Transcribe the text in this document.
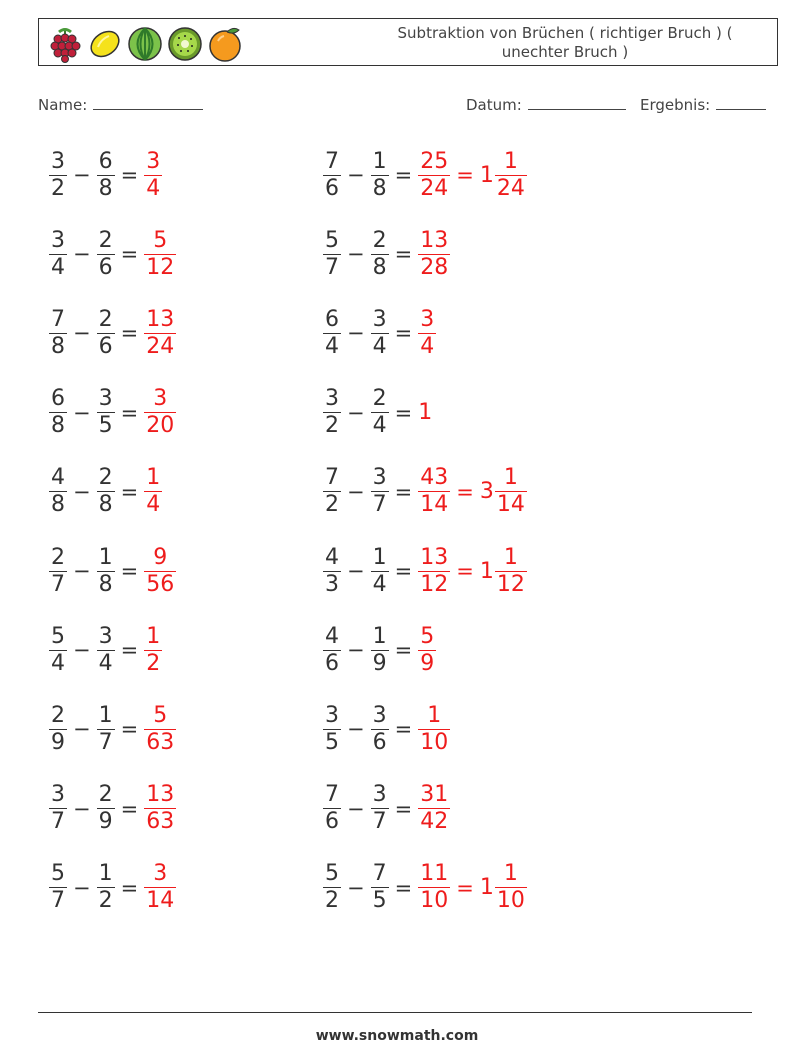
Subtraktion von Brüchen ( richtiger Bruch ) ( unechter Bruch )
Name:	Datum:	Ergebnis:
$\frac{3}{2} - \frac{6}{8} = \frac{3}{4}$
$\frac{3}{4} - \frac{2}{6} = \frac{5}{12}$
$\frac{7}{8} - \frac{2}{6} = \frac{13}{24}$
$\frac{6}{8} - \frac{3}{5} = \frac{3}{20}$
$\frac{4}{8} - \frac{2}{8} = \frac{1}{4}$
$\frac{2}{7} - \frac{1}{8} = \frac{9}{56}$
$\frac{5}{4} - \frac{3}{4} = \frac{1}{2}$
$\frac{2}{9} - \frac{1}{7} = \frac{5}{63}$
$\frac{3}{7} - \frac{2}{9} = \frac{13}{63}$
$\frac{5}{7} - \frac{1}{2} = \frac{3}{14}$
$\frac{7}{6} - \frac{1}{8} = \frac{25}{24} = 1 \frac{1}{24}$
$\frac{5}{7} - \frac{2}{8} = \frac{13}{28}$
$\frac{6}{4} - \frac{3}{4} = \frac{3}{4}$
$\frac{3}{2} - \frac{2}{4} = 1$
$\frac{7}{2} - \frac{3}{7} = \frac{43}{14} = 3 \frac{1}{14}$
$\frac{4}{3} - \frac{1}{4} = \frac{13}{12} = 1 \frac{1}{12}$
$\frac{4}{6} - \frac{1}{9} = \frac{5}{9}$
$\frac{3}{5} - \frac{3}{6} = \frac{1}{10}$
$\frac{7}{6} - \frac{3}{7} = \frac{31}{42}$
$\frac{5}{2} - \frac{7}{5} = \frac{11}{10} = 1 \frac{1}{10}$
www.snowmath.com
